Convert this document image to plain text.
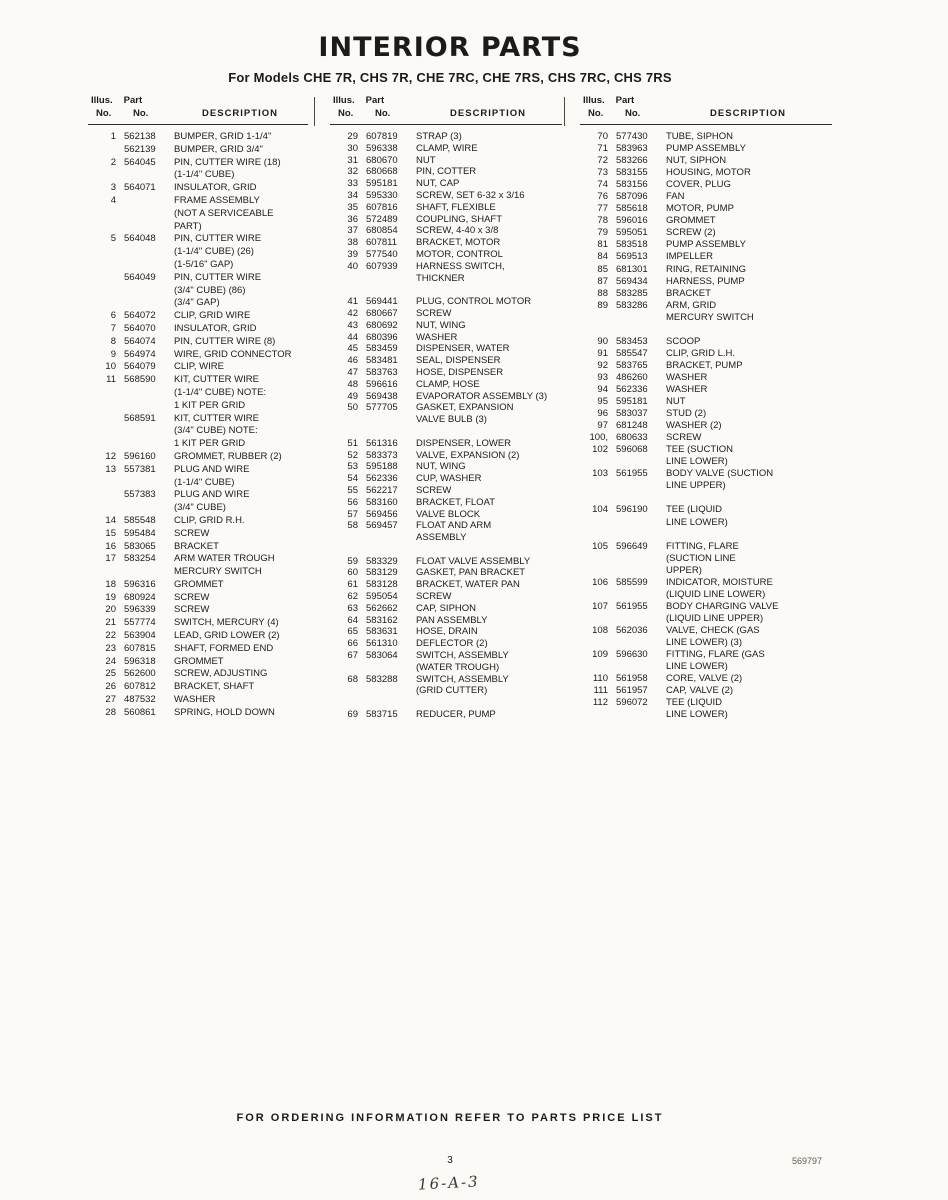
INTERIOR PARTS
For Models CHE 7R, CHS 7R, CHE 7RC, CHE 7RS, CHS 7RC, CHS 7RS
Illus. Part
No.	No.	DESCRIPTION
1 562138	BUMPER, GRID 1-1/4"
562139	BUMPER, GRID 3/4"
2 564045	PIN, CUTTER WIRE (18)
(1-1/4" CUBE)
3 564071	INSULATOR, GRID
4	FRAME ASSEMBLY
(NOT A SERVICEABLE
PART)
5 564048	PIN, CUTTER WIRE
(1-1/4" CUBE) (26)
(1-5/16" GAP)
564049	PIN, CUTTER WIRE
(3/4" CUBE) (86)
(3/4" GAP)
6 564072	CLIP, GRID WIRE
7 564070	INSULATOR, GRID
8 564074	PIN, CUTTER WIRE (8)
9 564974	WIRE, GRID CONNECTOR
10 564079	CLIP, WIRE
11 568590	KIT, CUTTER WIRE
(1-1/4" CUBE) NOTE:
1 KIT PER GRID
568591	KIT, CUTTER WIRE
(3/4" CUBE) NOTE:
1 KIT PER GRID
12 596160	GROMMET, RUBBER (2)
13 557381	PLUG AND WIRE
(1-1/4" CUBE)
557383	PLUG AND WIRE
(3/4" CUBE)
14 585548	CLIP, GRID R.H.
15 595484	SCREW
16 583065	BRACKET
17 583254	ARM WATER TROUGH
MERCURY SWITCH
18 596316	GROMMET
19 680924	SCREW
20 596339	SCREW
21 557774	SWITCH, MERCURY (4)
22 563904	LEAD, GRID LOWER (2)
23 607815	SHAFT, FORMED END
24 596318	GROMMET
25 562600	SCREW, ADJUSTING
26 607812	BRACKET, SHAFT
27 487532	WASHER
28 560861	SPRING, HOLD DOWN
Illus. Part
No.	No.	DESCRIPTION
29 607819	STRAP (3)
30 596338	CLAMP, WIRE
31 680670	NUT
32 680668	PIN, COTTER
33 595181	NUT, CAP
34 595330	SCREW, SET 6-32 x 3/16
35 607816	SHAFT, FLEXIBLE
36 572489	COUPLING, SHAFT
37 680854	SCREW, 4-40 x 3/8
38 607811	BRACKET, MOTOR
39 577540	MOTOR, CONTROL
40 607939	HARNESS SWITCH,
THICKNER
41 569441	PLUG, CONTROL MOTOR
42 680667	SCREW
43 680692	NUT, WING
44 680396	WASHER
45 583459	DISPENSER, WATER
46 583481	SEAL, DISPENSER
47 583763	HOSE, DISPENSER
48 596616	CLAMP, HOSE
49 569438	EVAPORATOR ASSEMBLY (3)
50 577705	GASKET, EXPANSION
VALVE BULB (3)
51 561316	DISPENSER, LOWER
52 583373	VALVE, EXPANSION (2)
53 595188	NUT, WING
54 562336	CUP, WASHER
55 562217	SCREW
56 583160	BRACKET, FLOAT
57 569456	VALVE BLOCK
58 569457	FLOAT AND ARM
ASSEMBLY
59 583329	FLOAT VALVE ASSEMBLY
60 583129	GASKET, PAN BRACKET
61 583128	BRACKET, WATER PAN
62 595054	SCREW
63 562662	CAP, SIPHON
64 583162	PAN ASSEMBLY
65 583631	HOSE, DRAIN
66 561310	DEFLECTOR (2)
67 583064	SWITCH, ASSEMBLY
(WATER TROUGH)
68 583288	SWITCH, ASSEMBLY
(GRID CUTTER)
69 583715	REDUCER, PUMP
Illus. Part
No.	No.	DESCRIPTION
70 577430	TUBE, SIPHON
71 583963	PUMP ASSEMBLY
72 583266	NUT, SIPHON
73 583155	HOUSING, MOTOR
74 583156	COVER, PLUG
76 587096	FAN
77 585618	MOTOR, PUMP
78 596016	GROMMET
79 595051	SCREW (2)
81 583518	PUMP ASSEMBLY
84 569513	IMPELLER
85 681301	RING, RETAINING
87 569434	HARNESS, PUMP
88 583285	BRACKET
89 583286	ARM, GRID
MERCURY SWITCH
90 583453	SCOOP
91 585547	CLIP, GRID L.H.
92 583765	BRACKET, PUMP
93 486260	WASHER
94 562336	WASHER
95 595181	NUT
96 583037	STUD (2)
97 681248	WASHER (2)
100, 680633	SCREW
102 596068	TEE (SUCTION
LINE LOWER)
103 561955	BODY VALVE (SUCTION
LINE UPPER)
104 596190	TEE (LIQUID
LINE LOWER)
105 596649	FITTING, FLARE
(SUCTION LINE
UPPER)
106 585599	INDICATOR, MOISTURE
(LIQUID LINE LOWER)
107 561955	BODY CHARGING VALVE
(LIQUID LINE UPPER)
108 562036	VALVE, CHECK (GAS
LINE LOWER) (3)
109 596630	FITTING, FLARE (GAS
LINE LOWER)
110 561958	CORE, VALVE (2)
111 561957	CAP, VALVE (2)
112 596072	TEE (LIQUID
LINE LOWER)
FOR ORDERING INFORMATION REFER TO PARTS PRICE LIST
3	569797
16-A-3
